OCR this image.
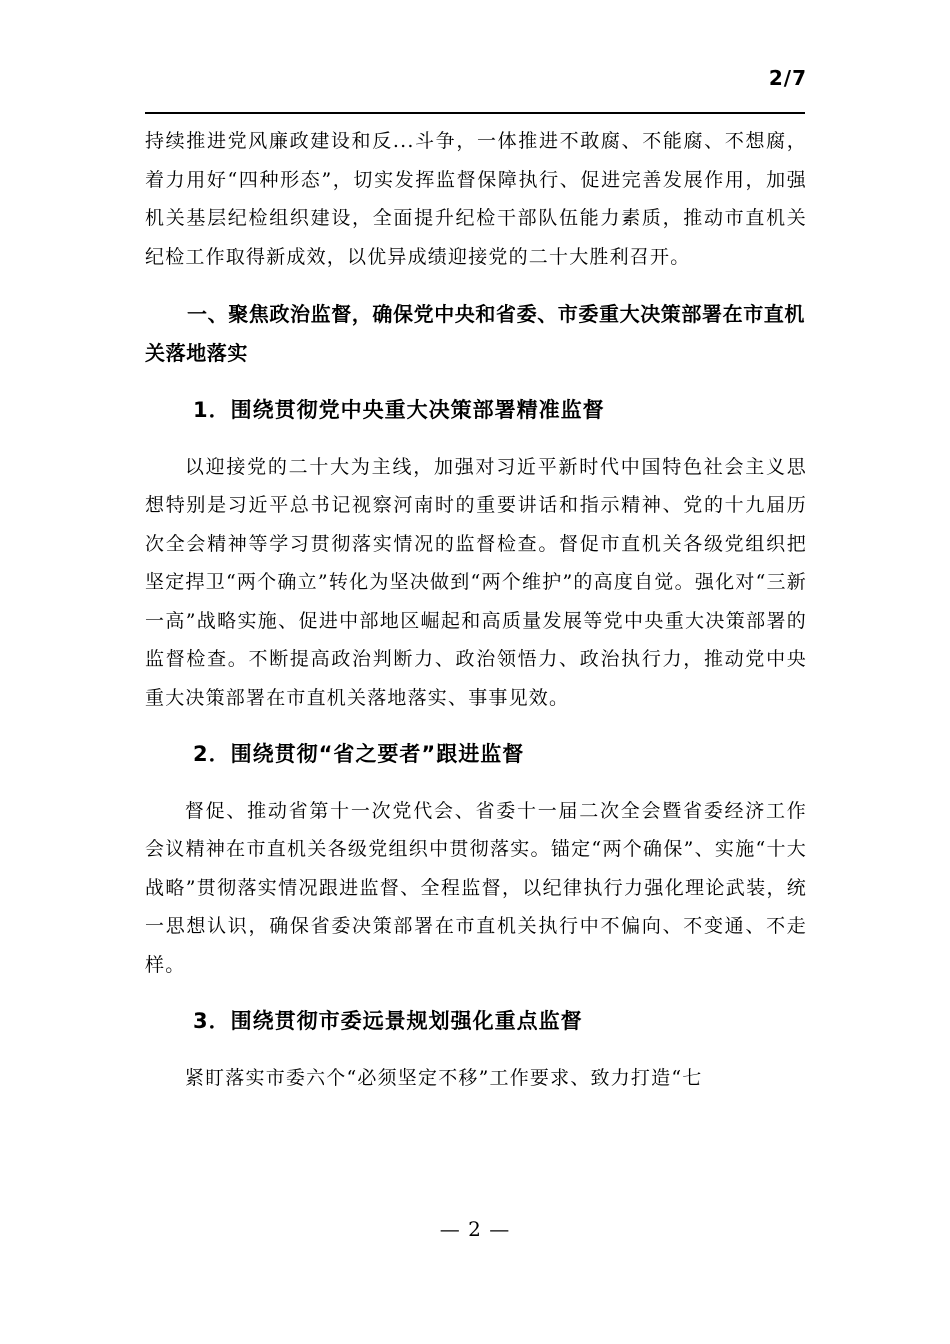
2/7

持续推进党风廉政建设和反...斗争，一体推进不敢腐、不能腐、不想腐，着力用好“四种形态”，切实发挥监督保障执行、促进完善发展作用，加强机关基层纪检组织建设，全面提升纪检干部队伍能力素质，推动市直机关纪检工作取得新成效，以优异成绩迎接党的二十大胜利召开。

一、聚焦政治监督，确保党中央和省委、市委重大决策部署在市直机关落地落实

1．围绕贯彻党中央重大决策部署精准监督

以迎接党的二十大为主线，加强对习近平新时代中国特色社会主义思想特别是习近平总书记视察河南时的重要讲话和指示精神、党的十九届历次全会精神等学习贯彻落实情况的监督检查。督促市直机关各级党组织把坚定捍卫“两个确立”转化为坚决做到“两个维护”的高度自觉。强化对“三新一高”战略实施、促进中部地区崛起和高质量发展等党中央重大决策部署的监督检查。不断提高政治判断力、政治领悟力、政治执行力，推动党中央重大决策部署在市直机关落地落实、事事见效。

2．围绕贯彻“省之要者”跟进监督

督促、推动省第十一次党代会、省委十一届二次全会暨省委经济工作会议精神在市直机关各级党组织中贯彻落实。锚定“两个确保”、实施“十大战略”贯彻落实情况跟进监督、全程监督，以纪律执行力强化理论武装，统一思想认识，确保省委决策部署在市直机关执行中不偏向、不变通、不走样。

3．围绕贯彻市委远景规划强化重点监督

紧盯落实市委六个“必须坚定不移”工作要求、致力打造“七

— 2 —
